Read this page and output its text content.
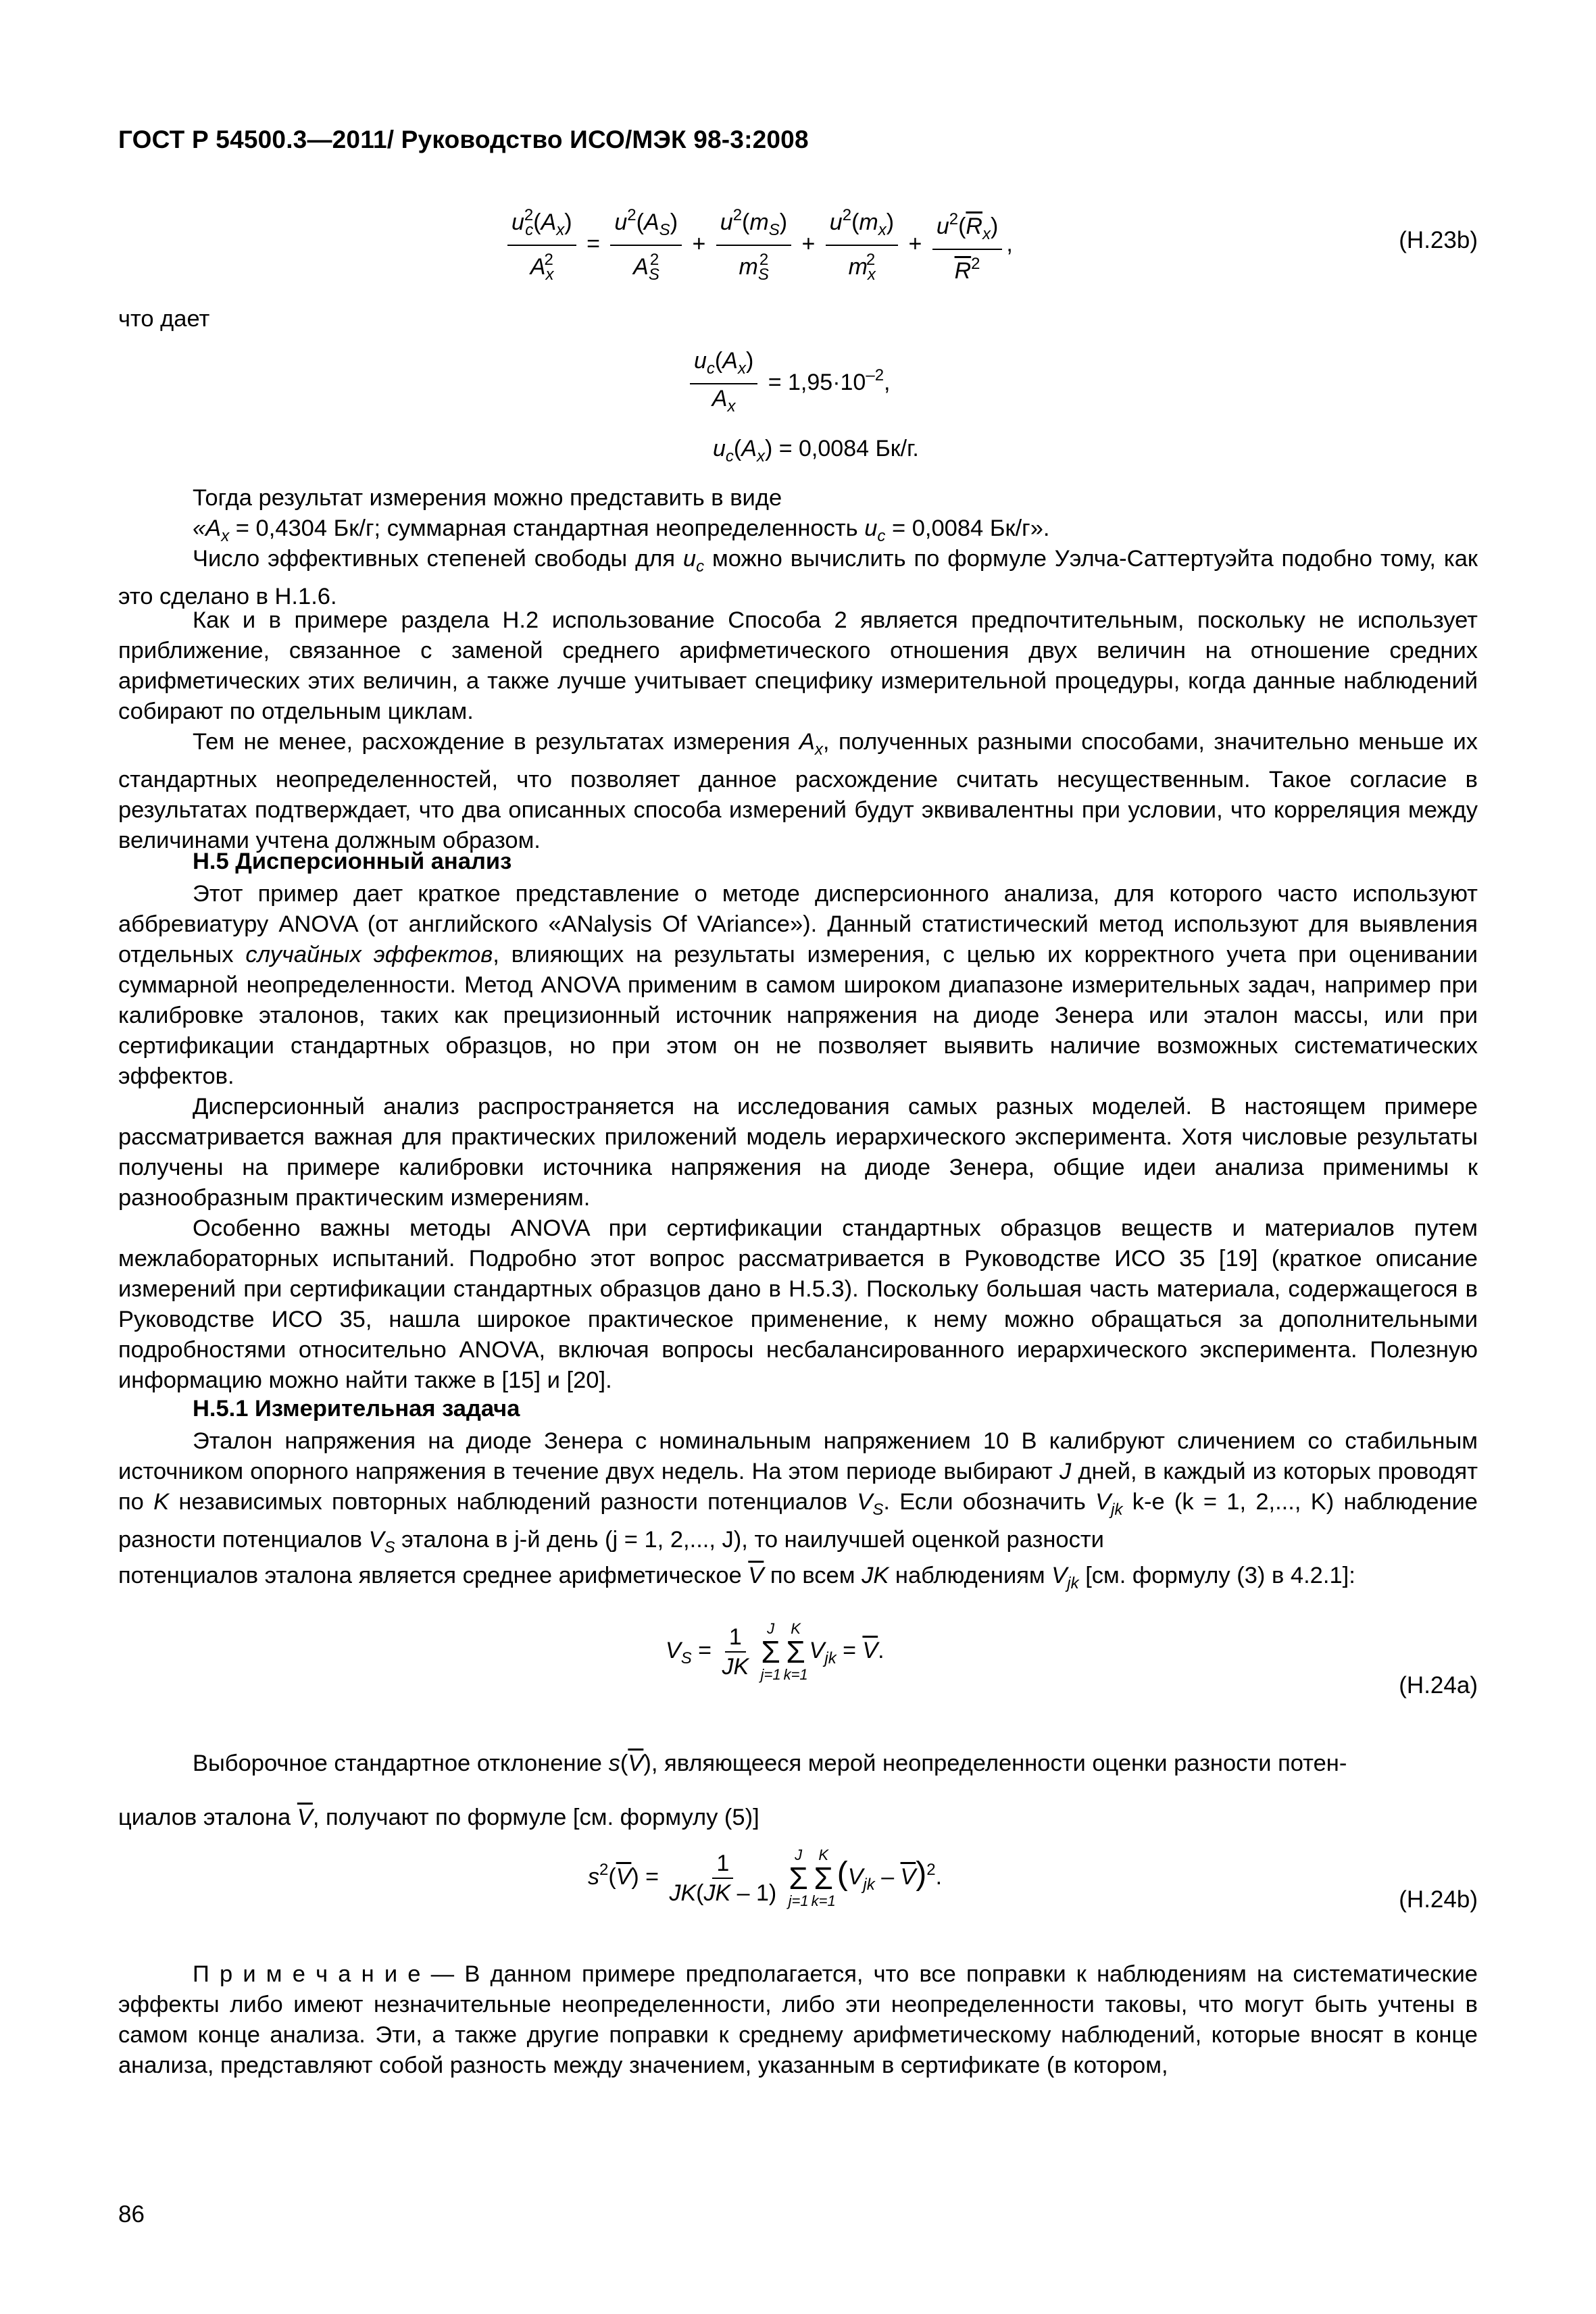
ГОСТ Р 54500.3—2011/ Руководство ИСО/МЭК 98-3:2008
$\frac{u^2_c(A_x)}{A_x^2} = \frac{u^2(A_S)}{A_S^2} + \frac{u^2(m_S)}{m_S^2} + \frac{u^2(m_x)}{m_x^2} + \frac{u^2(\overline{R}_x)}{\overline{R}^2}$ ,	(H.23b)
что дает
$\frac{u_c(A_x)}{A_x} = 1,95\cdot 10^{-2}$,
$u_c(A_x) = 0,0084$ Бк/г.
Тогда результат измерения можно представить в виде
«$A_x = 0,4304$ Бк/г; суммарная стандартная неопределенность $u_c = 0,0084$ Бк/г».
Число эффективных степеней свободы для $u_c$ можно вычислить по формуле Уэлча-Саттертуэйта подобно тому, как это сделано в H.1.6.
Как и в примере раздела H.2 использование Способа 2 является предпочтительным, поскольку не использует приближение, связанное с заменой среднего арифметического отношения двух величин на отношение средних арифметических этих величин, а также лучше учитывает специфику измерительной процедуры, когда данные наблюдений собирают по отдельным циклам.
Тем не менее, расхождение в результатах измерения $A_x$, полученных разными способами, значительно меньше их стандартных неопределенностей, что позволяет данное расхождение считать несущественным. Такое согласие в результатах подтверждает, что два описанных способа измерений будут эквивалентны при условии, что корреляция между величинами учтена должным образом.
H.5 Дисперсионный анализ
Этот пример дает краткое представление о методе дисперсионного анализа, для которого часто используют аббревиатуру ANOVA (от английского «ANalysis Of VAriance»). Данный статистический метод используют для выявления отдельных случайных эффектов, влияющих на результаты измерения, с целью их корректного учета при оценивании суммарной неопределенности. Метод ANOVA применим в самом широком диапазоне измерительных задач, например при калибровке эталонов, таких как прецизионный источник напряжения на диоде Зенера или эталон массы, или при сертификации стандартных образцов, но при этом он не позволяет выявить наличие возможных систематических эффектов.
Дисперсионный анализ распространяется на исследования самых разных моделей. В настоящем примере рассматривается важная для практических приложений модель иерархического эксперимента. Хотя числовые результаты получены на примере калибровки источника напряжения на диоде Зенера, общие идеи анализа применимы к разнообразным практическим измерениям.
Особенно важны методы ANOVA при сертификации стандартных образцов веществ и материалов путем межлабораторных испытаний. Подробно этот вопрос рассматривается в Руководстве ИСО 35 [19] (краткое описание измерений при сертификации стандартных образцов дано в H.5.3). Поскольку большая часть материала, содержащегося в Руководстве ИСО 35, нашла широкое практическое применение, к нему можно обращаться за дополнительными подробностями относительно ANOVA, включая вопросы несбалансированного иерархического эксперимента. Полезную информацию можно найти также в [15] и [20].
H.5.1 Измерительная задача
Эталон напряжения на диоде Зенера с номинальным напряжением 10 В калибруют сличением со стабильным источником опорного напряжения в течение двух недель. На этом периоде выбирают J дней, в каждый из которых проводят по K независимых повторных наблюдений разности потенциалов $V_S$. Если обозначить $V_{jk}$ k-е (k = 1, 2,..., K) наблюдение разности потенциалов $V_S$ эталона в j-й день (j = 1, 2,..., J), то наилучшей оценкой разности
потенциалов эталона является среднее арифметическое $\overline{V}$ по всем JK наблюдениям $V_{jk}$ [см. формулу (3) в 4.2.1]:
$V_S = \frac{1}{JK}$
J
Σ
j=1
K
Σ
k=1
$V_{jk} = \overline{V}$.
(H.24a)
Выборочное стандартное отклонение $s(\overline{V})$, являющееся мерой неопределенности оценки разности потен-
циалов эталона $\overline{V}$, получают по формуле [см. формулу (5)]
$s^2(\overline{V}) = \frac{1}{JK(JK - 1)}$
J
Σ
j=1
K
Σ
k=1
$(V_{jk} - \overline{V})^2$.
(H.24b)
П р и м е ч а н и е — В данном примере предполагается, что все поправки к наблюдениям на систематические эффекты либо имеют незначительные неопределенности, либо эти неопределенности таковы, что могут быть учтены в самом конце анализа. Эти, а также другие поправки к среднему арифметическому наблюдений, которые вносят в конце анализа, представляют собой разность между значением, указанным в сертификате (в котором,
86
